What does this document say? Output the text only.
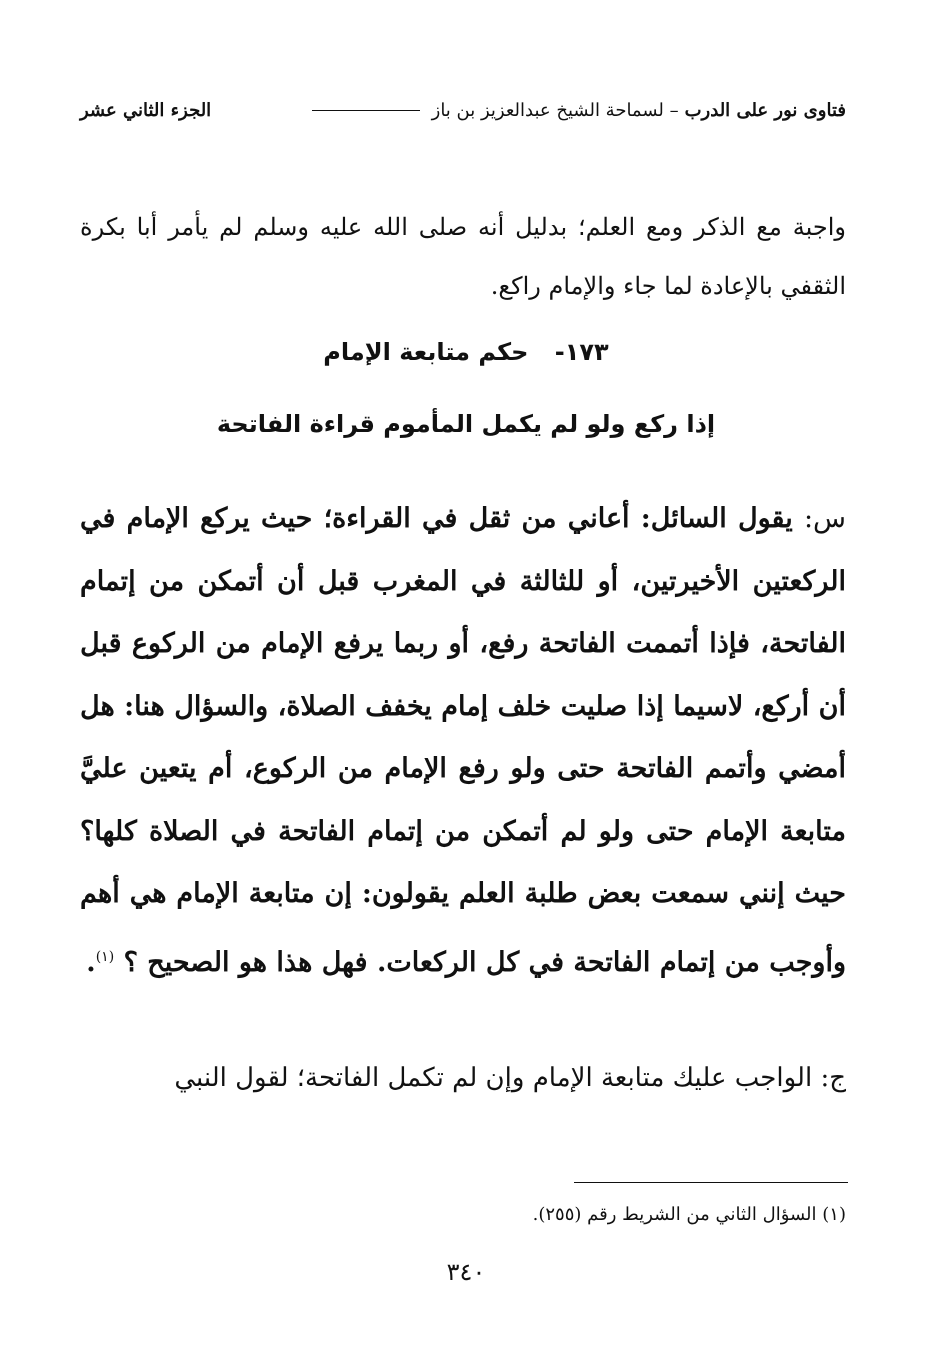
فتاوى نور على الدرب
– لسماحة الشيخ عبدالعزيز بن باز
الجزء الثاني عشر
واجبة مع الذكر ومع العلم؛ بدليل أنه صلى الله عليه وسلم لم يأمر أبا بكرة الثقفي بالإعادة لما جاء والإمام راكع.
١٧٣- حكم متابعة الإمام
إذا ركع ولو لم يكمل المأموم قراءة الفاتحة
س: يقول السائل: أعاني من ثقل في القراءة؛ حيث يركع الإمام في الركعتين الأخيرتين، أو للثالثة في المغرب قبل أن أتمكن من إتمام الفاتحة، فإذا أتممت الفاتحة رفع، أو ربما يرفع الإمام من الركوع قبل أن أركع، لاسيما إذا صليت خلف إمام يخفف الصلاة، والسؤال هنا: هل أمضي وأتمم الفاتحة حتى ولو رفع الإمام من الركوع، أم يتعين عليَّ متابعة الإمام حتى ولو لم أتمكن من إتمام الفاتحة في الصلاة كلها؟ حيث إنني سمعت بعض طلبة العلم يقولون: إن متابعة الإمام هي أهم وأوجب من إتمام الفاتحة في كل الركعات. فهل هذا هو الصحيح ؟ $^{(١)}$.
ج: الواجب عليك متابعة الإمام وإن لم تكمل الفاتحة؛ لقول النبي
(١) السؤال الثاني من الشريط رقم (٢٥٥).
٣٤٠
